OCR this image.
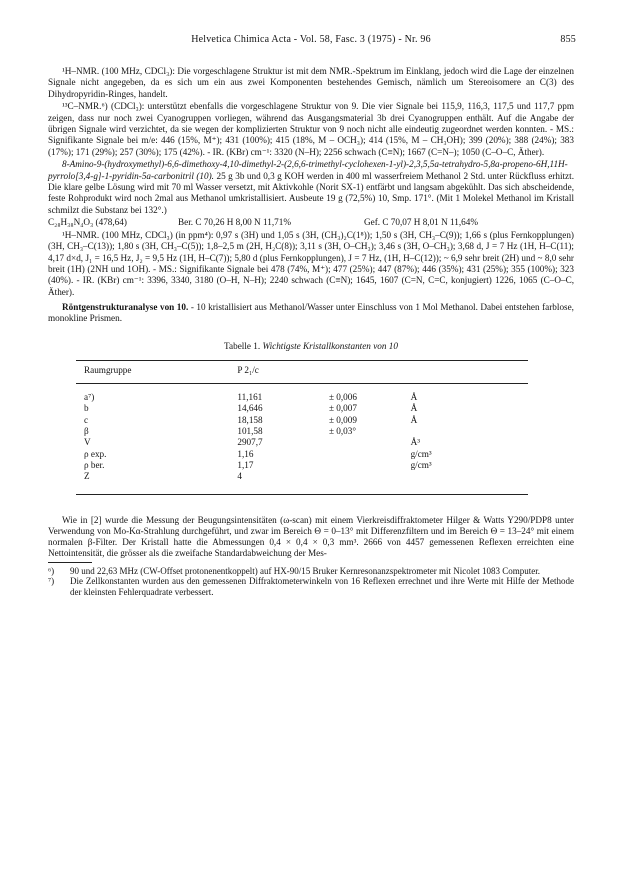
Helvetica Chimica Acta - Vol. 58, Fasc. 3 (1975) - Nr. 96	855

¹H–NMR. (100 MHz, CDCl₃): Die vorgeschlagene Struktur ist mit dem NMR.-Spektrum im Einklang, jedoch wird die Lage der einzelnen Signale nicht angegeben, da es sich um ein aus zwei Komponenten bestehendes Gemisch, nämlich um Stereoisomere an C(3) des Dihydropyridin-Ringes, handelt.

¹³C–NMR.⁶) (CDCl₃): unterstützt ebenfalls die vorgeschlagene Struktur von 9. Die vier Signale bei 115,9, 116,3, 117,5 und 117,7 ppm zeigen, dass nur noch zwei Cyanogruppen vorliegen, während das Ausgangsmaterial 3b drei Cyanogruppen enthält. Auf die Angabe der übrigen Signale wird verzichtet, da sie wegen der komplizierten Struktur von 9 noch nicht alle eindeutig zugeordnet werden konnten. - MS.: Signifikante Signale bei m/e: 446 (15%, M⁺); 431 (100%); 415 (18%, M – OCH₃); 414 (15%, M – CH₃OH); 399 (20%); 388 (24%); 383 (17%); 171 (29%); 257 (30%); 175 (42%). - IR. (KBr) cm⁻¹: 3320 (N–H); 2256 schwach (C≡N); 1667 (C=N–); 1050 (C–O–C, Äther).

8-Amino-9-(hydroxymethyl)-6,6-dimethoxy-4,10-dimethyl-2-(2,6,6-trimethyl-cyclohexen-1-yl)-2,3,5,5a-tetrahydro-5,8a-propeno-6H,11H-pyrrolo[3,4-g]-1-pyridin-5a-carbonitril (10). 25 g 3b und 0,3 g KOH werden in 400 ml wasserfreiem Methanol 2 Std. unter Rückfluss erhitzt. Die klare gelbe Lösung wird mit 70 ml Wasser versetzt, mit Aktivkohle (Norit SX-1) entfärbt und langsam abgekühlt. Das sich abscheidende, feste Rohprodukt wird noch 2mal aus Methanol umkristallisiert. Ausbeute 19 g (72,5%) 10, Smp. 171°. (Mit 1 Molekel Methanol im Kristall schmilzt die Substanz bei 132°.)

C₂₈H₃₈N₄O₃ (478,64)	Ber. C 70,26 H 8,00 N 11,71%	Gef. C 70,07 H 8,01 N 11,64%

¹H–NMR. (100 MHz, CDCl₃) (in ppm⁴): 0,97 s (3H) und 1,05 s (3H, (CH₃)₂C(1⁸)); 1,50 s (3H, CH₃–C(9)); 1,66 s (plus Fernkopplungen) (3H, CH₃–C(13)); 1,80 s (3H, CH₃–C(5)); 1,8–2,5 m (2H, H₂C(8)); 3,11 s (3H, O–CH₃); 3,46 s (3H, O–CH₃); 3,68 d, J = 7 Hz (1H, H–C(11); 4,17 d×d, J₁ = 16,5 Hz, J₂ = 9,5 Hz (1H, H–C(7)); 5,80 d (plus Fernkopplungen), J = 7 Hz, (1H, H–C(12)); ~ 6,9 sehr breit (2H) und ~ 8,0 sehr breit (1H) (2NH und 1OH). - MS.: Signifikante Signale bei 478 (74%, M⁺); 477 (25%); 447 (87%); 446 (35%); 431 (25%); 355 (100%); 323 (40%). - IR. (KBr) cm⁻¹: 3396, 3340, 3180 (O–H, N–H); 2240 schwach (C≡N); 1645, 1607 (C=N, C=C, konjugiert) 1226, 1065 (C–O–C, Äther).

Röntgenstrukturanalyse von 10. - 10 kristallisiert aus Methanol/Wasser unter Einschluss von 1 Mol Methanol. Dabei entstehen farblose, monokline Prismen.

Tabelle 1. Wichtigste Kristallkonstanten von 10
Raumgruppe	P 2₁/c		
a⁷)	11,161	± 0,006	Å
b	14,646	± 0,007	Å
c	18,158	± 0,009	Å
β	101,58	± 0,03°	
V	2907,7		Å³
ρ exp.	1,16		g/cm³
ρ ber.	1,17		g/cm³
Z	4		

Wie in [2] wurde die Messung der Beugungsintensitäten (ω-scan) mit einem Vierkreisdiffraktometer Hilger & Watts Y290/PDP8 unter Verwendung von Mo-Kα-Strahlung durchgeführt, und zwar im Bereich Θ = 0–13° mit Differenzfiltern und im Bereich Θ = 13–24° mit einem normalen β-Filter. Der Kristall hatte die Abmessungen 0,4 × 0,4 × 0,3 mm³. 2666 von 4457 gemessenen Reflexen erreichten eine Nettointensität, die grösser als die zweifache Standardabweichung der Mes-

⁶)	90 und 22,63 MHz (CW-Offset protonenentkoppelt) auf HX-90/15 Bruker Kernresonanzspektrometer mit Nicolet 1083 Computer.
⁷)	Die Zellkonstanten wurden aus den gemessenen Diffraktometerwinkeln von 16 Reflexen errechnet und ihre Werte mit Hilfe der Methode der kleinsten Fehlerquadrate verbessert.
